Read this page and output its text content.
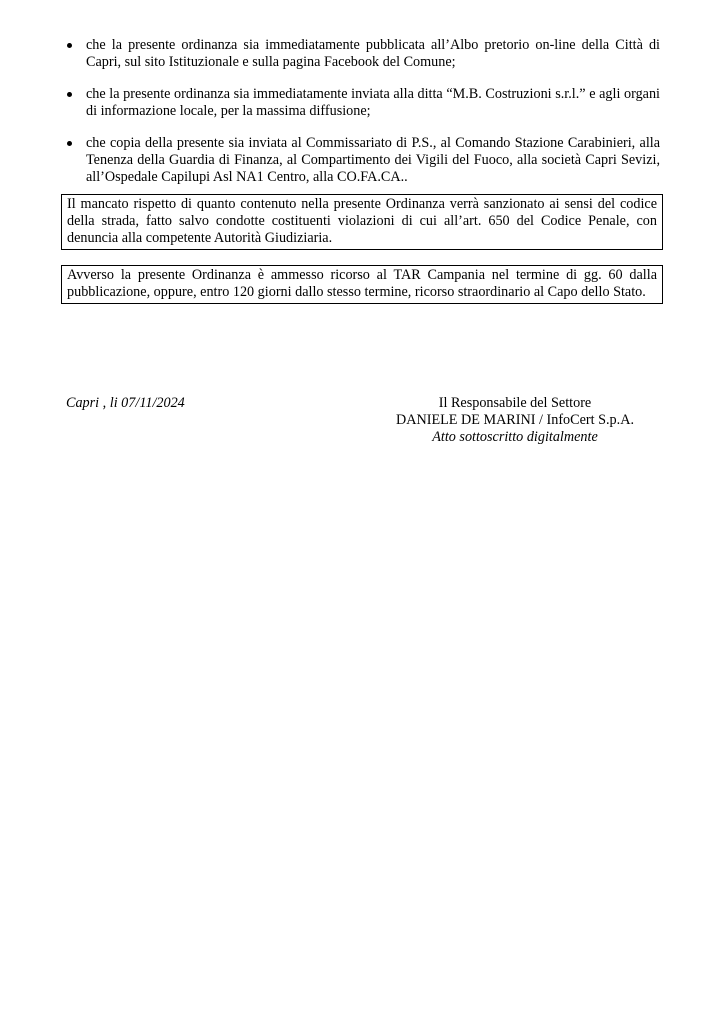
che la presente ordinanza sia immediatamente pubblicata all’Albo pretorio on-line della Città di Capri, sul sito Istituzionale e sulla pagina Facebook del Comune;
che la presente ordinanza sia immediatamente inviata alla ditta “M.B. Costruzioni s.r.l.” e agli organi di informazione locale, per la massima diffusione;
che copia della presente sia inviata al Commissariato di P.S., al Comando Stazione Carabinieri, alla Tenenza della Guardia di Finanza, al Compartimento dei Vigili del Fuoco, alla società Capri Sevizi, all’Ospedale Capilupi Asl NA1 Centro, alla CO.FA.CA..
Il mancato rispetto di quanto contenuto nella presente Ordinanza verrà sanzionato ai sensi del codice della strada, fatto salvo condotte costituenti violazioni di cui all’art. 650 del Codice Penale, con denuncia alla competente Autorità Giudiziaria.
Avverso la presente Ordinanza è ammesso ricorso al TAR Campania nel termine di gg. 60 dalla pubblicazione, oppure, entro 120 giorni dallo stesso termine, ricorso straordinario al Capo dello Stato.
Capri , li 07/11/2024	Il Responsabile del Settore
DANIELE DE MARINI / InfoCert S.p.A.
Atto sottoscritto digitalmente
